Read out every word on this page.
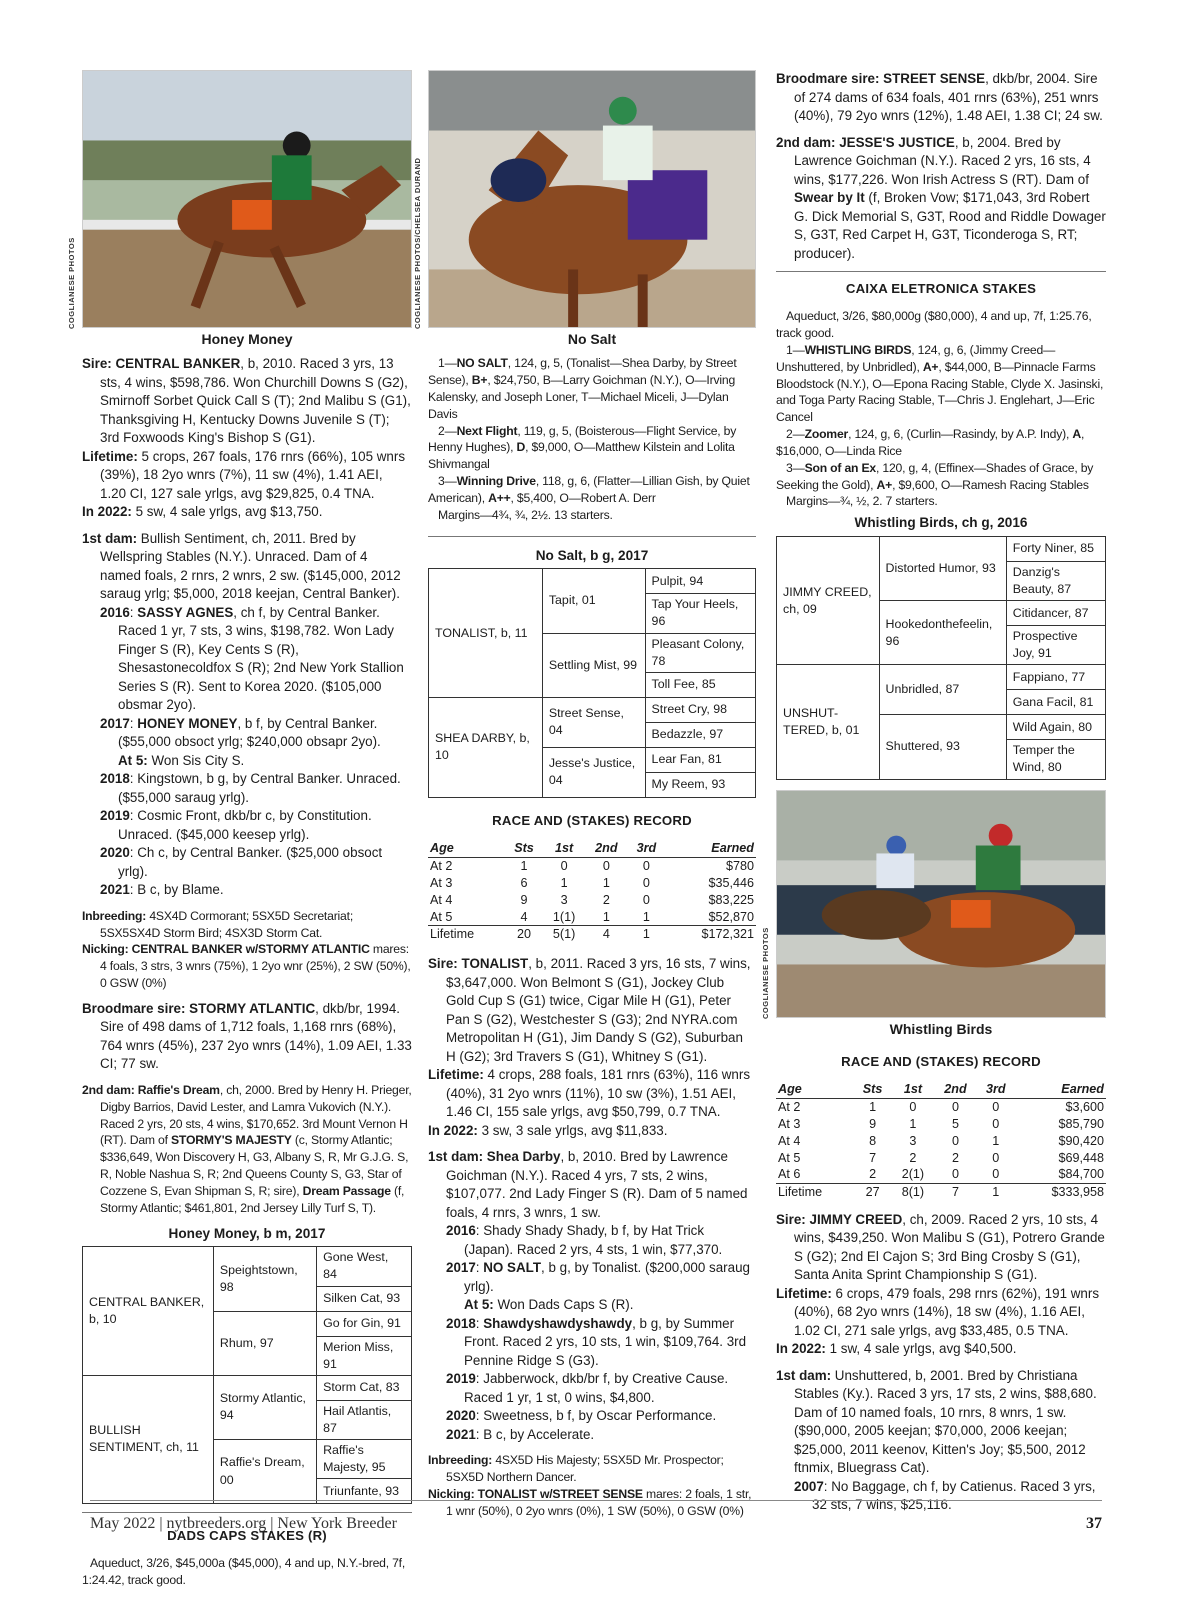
COGLIANESE PHOTOS
Honey Money
Sire: CENTRAL BANKER, b, 2010. Raced 3 yrs, 13 sts, 4 wins, $598,786. Won Churchill Downs S (G2), Smirnoff Sorbet Quick Call S (T); 2nd Malibu S (G1), Thanksgiving H, Kentucky Downs Juvenile S (T); 3rd Foxwoods King's Bishop S (G1).
Lifetime: 5 crops, 267 foals, 176 rnrs (66%), 105 wnrs (39%), 18 2yo wnrs (7%), 11 sw (4%), 1.41 AEI, 1.20 CI, 127 sale yrlgs, avg $29,825, 0.4 TNA.
In 2022: 5 sw, 4 sale yrlgs, avg $13,750.
1st dam: Bullish Sentiment, ch, 2011. Bred by Wellspring Stables (N.Y.). Unraced. Dam of 4 named foals, 2 rnrs, 2 wnrs, 2 sw. ($145,000, 2012 saraug yrlg; $5,000, 2018 keejan, Central Banker).
2016: SASSY AGNES, ch f, by Central Banker. Raced 1 yr, 7 sts, 3 wins, $198,782. Won Lady Finger S (R), Key Cents S (R), Shesastonecoldfox S (R); 2nd New York Stallion Series S (R). Sent to Korea 2020. ($105,000 obsmar 2yo).
2017: HONEY MONEY, b f, by Central Banker. ($55,000 obsoct yrlg; $240,000 obsapr 2yo).
At 5: Won Sis City S.
2018: Kingstown, b g, by Central Banker. Unraced. ($55,000 saraug yrlg).
2019: Cosmic Front, dkb/br c, by Constitution. Unraced. ($45,000 keesep yrlg).
2020: Ch c, by Central Banker. ($25,000 obsoct yrlg).
2021: B c, by Blame.
Inbreeding: 4SX4D Cormorant; 5SX5D Secretariat; 5SX5SX4D Storm Bird; 4SX3D Storm Cat.
Nicking: CENTRAL BANKER w/STORMY ATLANTIC mares: 4 foals, 3 strs, 3 wnrs (75%), 1 2yo wnr (25%), 2 SW (50%), 0 GSW (0%)
Broodmare sire: STORMY ATLANTIC, dkb/br, 1994. Sire of 498 dams of 1,712 foals, 1,168 rnrs (68%), 764 wnrs (45%), 237 2yo wnrs (14%), 1.09 AEI, 1.33 CI; 77 sw.
2nd dam: Raffie's Dream, ch, 2000. Bred by Henry H. Prieger, Digby Barrios, David Lester, and Lamra Vukovich (N.Y.). Raced 2 yrs, 20 sts, 4 wins, $170,652. 3rd Mount Vernon H (RT). Dam of STORMY'S MAJESTY (c, Stormy Atlantic; $336,649, Won Discovery H, G3, Albany S, R, Mr G.J.G. S, R, Noble Nashua S, R; 2nd Queens County S, G3, Star of Cozzene S, Evan Shipman S, R; sire), Dream Passage (f, Stormy Atlantic; $461,801, 2nd Jersey Lilly Turf S, T).
Honey Money, b m, 2017
CENTRAL BANKER, b, 10	Speightstown, 98	Gone West, 84
		Silken Cat, 93
	Rhum, 97	Go for Gin, 91
		Merion Miss, 91
BULLISH SENTIMENT, ch, 11	Stormy Atlantic, 94	Storm Cat, 83
		Hail Atlantis, 87
	Raffie's Dream, 00	Raffie's Majesty, 95
		Triunfante, 93
DADS CAPS STAKES (R)
Aqueduct, 3/26, $45,000a ($45,000), 4 and up, N.Y.-bred, 7f, 1:24.42, track good.
COGLIANESE PHOTOS/CHELSEA DURAND
No Salt
1—NO SALT, 124, g, 5, (Tonalist—Shea Darby, by Street Sense), B+, $24,750, B—Larry Goichman (N.Y.), O—Irving Kalensky, and Joseph Loner, T—Michael Miceli, J—Dylan Davis
2—Next Flight, 119, g, 5, (Boisterous—Flight Service, by Henny Hughes), D, $9,000, O—Matthew Kilstein and Lolita Shivmangal
3—Winning Drive, 118, g, 6, (Flatter—Lillian Gish, by Quiet American), A++, $5,400, O—Robert A. Derr
Margins—4¾, ¾, 2½. 13 starters.
No Salt, b g, 2017
TONALIST, b, 11	Tapit, 01	Pulpit, 94
		Tap Your Heels, 96
	Settling Mist, 99	Pleasant Colony, 78
		Toll Fee, 85
SHEA DARBY, b, 10	Street Sense, 04	Street Cry, 98
		Bedazzle, 97
	Jesse's Justice, 04	Lear Fan, 81
		My Reem, 93
RACE AND (STAKES) RECORD
Age	Sts	1st	2nd	3rd	Earned
At 2	1	0	0	0	$780
At 3	6	1	1	0	$35,446
At 4	9	3	2	0	$83,225
At 5	4	1(1)	1	1	$52,870
Lifetime	20	5(1)	4	1	$172,321
Sire: TONALIST, b, 2011. Raced 3 yrs, 16 sts, 7 wins, $3,647,000. Won Belmont S (G1), Jockey Club Gold Cup S (G1) twice, Cigar Mile H (G1), Peter Pan S (G2), Westchester S (G3); 2nd NYRA.com Metropolitan H (G1), Jim Dandy S (G2), Suburban H (G2); 3rd Travers S (G1), Whitney S (G1).
Lifetime: 4 crops, 288 foals, 181 rnrs (63%), 116 wnrs (40%), 31 2yo wnrs (11%), 10 sw (3%), 1.51 AEI, 1.46 CI, 155 sale yrlgs, avg $50,799, 0.7 TNA.
In 2022: 3 sw, 3 sale yrlgs, avg $11,833.
1st dam: Shea Darby, b, 2010. Bred by Lawrence Goichman (N.Y.). Raced 4 yrs, 7 sts, 2 wins, $107,077. 2nd Lady Finger S (R). Dam of 5 named foals, 4 rnrs, 3 wnrs, 1 sw.
2016: Shady Shady Shady, b f, by Hat Trick (Japan). Raced 2 yrs, 4 sts, 1 win, $77,370.
2017: NO SALT, b g, by Tonalist. ($200,000 saraug yrlg).
At 5: Won Dads Caps S (R).
2018: Shawdyshawdyshawdy, b g, by Summer Front. Raced 2 yrs, 10 sts, 1 win, $109,764. 3rd Pennine Ridge S (G3).
2019: Jabberwock, dkb/br f, by Creative Cause. Raced 1 yr, 1 st, 0 wins, $4,800.
2020: Sweetness, b f, by Oscar Performance.
2021: B c, by Accelerate.
Inbreeding: 4SX5D His Majesty; 5SX5D Mr. Prospector; 5SX5D Northern Dancer.
Nicking: TONALIST w/STREET SENSE mares: 2 foals, 1 str, 1 wnr (50%), 0 2yo wnrs (0%), 1 SW (50%), 0 GSW (0%)
Broodmare sire: STREET SENSE, dkb/br, 2004. Sire of 274 dams of 634 foals, 401 rnrs (63%), 251 wnrs (40%), 79 2yo wnrs (12%), 1.48 AEI, 1.38 CI; 24 sw.
2nd dam: JESSE'S JUSTICE, b, 2004. Bred by Lawrence Goichman (N.Y.). Raced 2 yrs, 16 sts, 4 wins, $177,226. Won Irish Actress S (RT). Dam of Swear by It (f, Broken Vow; $171,043, 3rd Robert G. Dick Memorial S, G3T, Rood and Riddle Dowager S, G3T, Red Carpet H, G3T, Ticonderoga S, RT; producer).
CAIXA ELETRONICA STAKES
Aqueduct, 3/26, $80,000g ($80,000), 4 and up, 7f, 1:25.76, track good.
1—WHISTLING BIRDS, 124, g, 6, (Jimmy Creed—Unshuttered, by Unbridled), A+, $44,000, B—Pinnacle Farms Bloodstock (N.Y.), O—Epona Racing Stable, Clyde X. Jasinski, and Toga Party Racing Stable, T—Chris J. Englehart, J—Eric Cancel
2—Zoomer, 124, g, 6, (Curlin—Rasindy, by A.P. Indy), A, $16,000, O—Linda Rice
3—Son of an Ex, 120, g, 4, (Effinex—Shades of Grace, by Seeking the Gold), A+, $9,600, O—Ramesh Racing Stables
Margins—¾, ½, 2. 7 starters.
Whistling Birds, ch g, 2016
JIMMY CREED, ch, 09	Distorted Humor, 93	Forty Niner, 85
		Danzig's Beauty, 87
	Hookedonthefeelin, 96	Citidancer, 87
		Prospective Joy, 91
UNSHUT- TERED, b, 01	Unbridled, 87	Fappiano, 77
		Gana Facil, 81
	Shuttered, 93	Wild Again, 80
		Temper the Wind, 80
COGLIANESE PHOTOS
Whistling Birds
RACE AND (STAKES) RECORD
Age	Sts	1st	2nd	3rd	Earned
At 2	1	0	0	0	$3,600
At 3	9	1	5	0	$85,790
At 4	8	3	0	1	$90,420
At 5	7	2	2	0	$69,448
At 6	2	2(1)	0	0	$84,700
Lifetime	27	8(1)	7	1	$333,958
Sire: JIMMY CREED, ch, 2009. Raced 2 yrs, 10 sts, 4 wins, $439,250. Won Malibu S (G1), Potrero Grande S (G2); 2nd El Cajon S; 3rd Bing Crosby S (G1), Santa Anita Sprint Championship S (G1).
Lifetime: 6 crops, 479 foals, 298 rnrs (62%), 191 wnrs (40%), 68 2yo wnrs (14%), 18 sw (4%), 1.16 AEI, 1.02 CI, 271 sale yrlgs, avg $33,485, 0.5 TNA.
In 2022: 1 sw, 4 sale yrlgs, avg $40,500.
1st dam: Unshuttered, b, 2001. Bred by Christiana Stables (Ky.). Raced 3 yrs, 17 sts, 2 wins, $88,680. Dam of 10 named foals, 10 rnrs, 8 wnrs, 1 sw. ($90,000, 2005 keejan; $70,000, 2006 keejan; $25,000, 2011 keenov, Kitten's Joy; $5,500, 2012 ftnmix, Bluegrass Cat).
2007: No Baggage, ch f, by Catienus. Raced 3 yrs, 32 sts, 7 wins, $25,116.
May 2022 | nytbreeders.org | New York Breeder	37
